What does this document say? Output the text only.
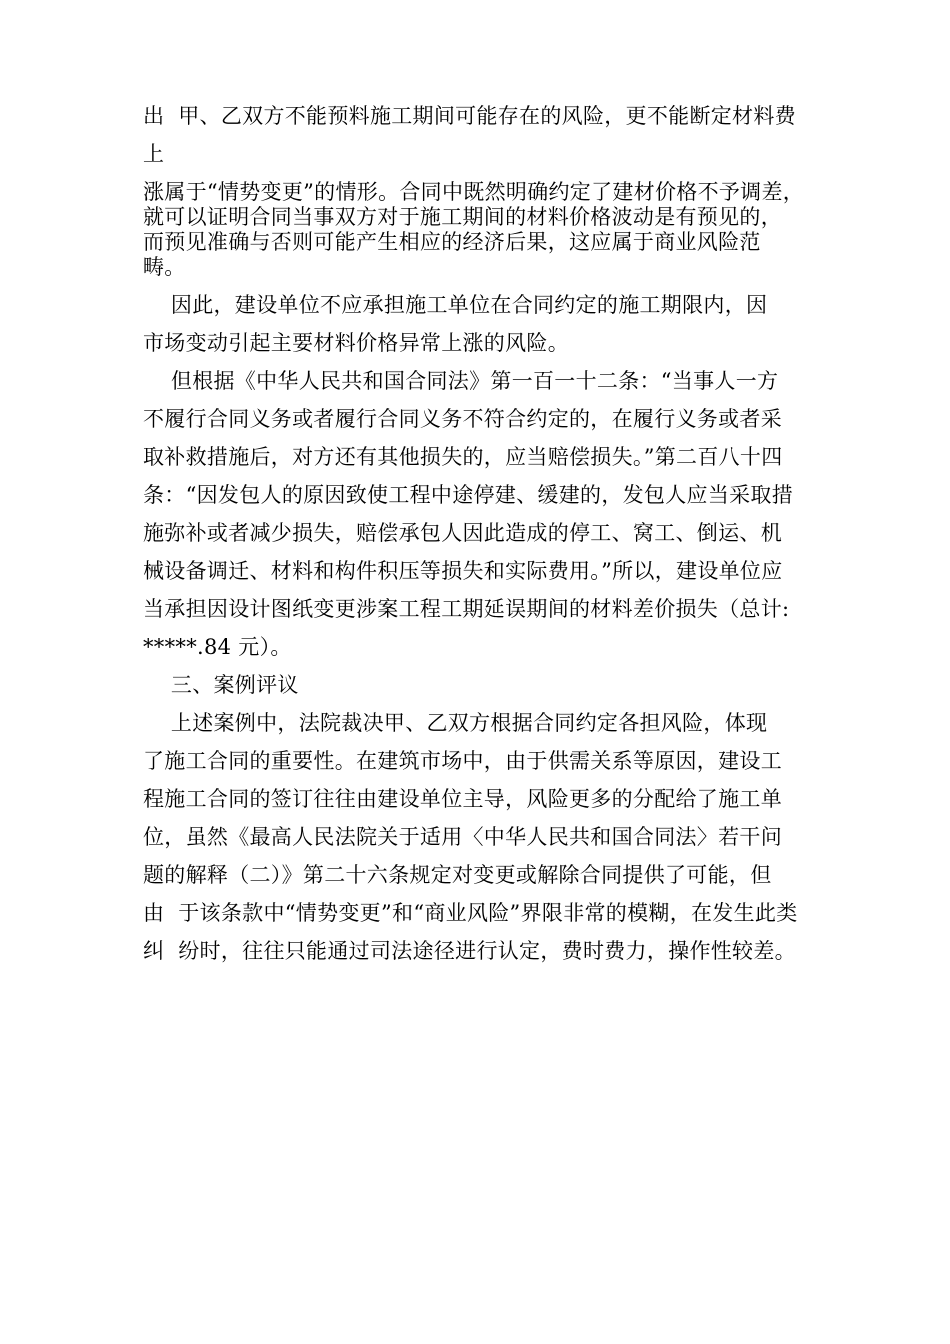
出  甲、乙双方不能预料施工期间可能存在的风险，更不能断定材料费
上
涨属于“情势变更”的情形。合同中既然明确约定了建材价格不予调差，
就可以证明合同当事双方对于施工期间的材料价格波动是有预见的，
而预见准确与否则可能产生相应的经济后果，这应属于商业风险范
畴。
因此，建设单位不应承担施工单位在合同约定的施工期限内，因
市场变动引起主要材料价格异常上涨的风险。
但根据《中华人民共和国合同法》第一百一十二条：“当事人一方
不履行合同义务或者履行合同义务不符合约定的，在履行义务或者采
取补救措施后，对方还有其他损失的，应当赔偿损失。”第二百八十四
条：“因发包人的原因致使工程中途停建、缓建的，发包人应当采取措
施弥补或者减少损失，赔偿承包人因此造成的停工、窝工、倒运、机
械设备调迁、材料和构件积压等损失和实际费用。”所以，建设单位应
当承担因设计图纸变更涉案工程工期延误期间的材料差价损失（总计:
*****.84 元）。
三、案例评议
上述案例中，法院裁决甲、乙双方根据合同约定各担风险，体现
了施工合同的重要性。在建筑市场中，由于供需关系等原因，建设工
程施工合同的签订往往由建设单位主导，风险更多的分配给了施工单
位，虽然《最高人民法院关于适用〈中华人民共和国合同法〉若干问
题的解释（二）》第二十六条规定对变更或解除合同提供了可能，但
由  于该条款中“情势变更”和“商业风险”界限非常的模糊，在发生此类
纠  纷时，往往只能通过司法途径进行认定，费时费力，操作性较差。
